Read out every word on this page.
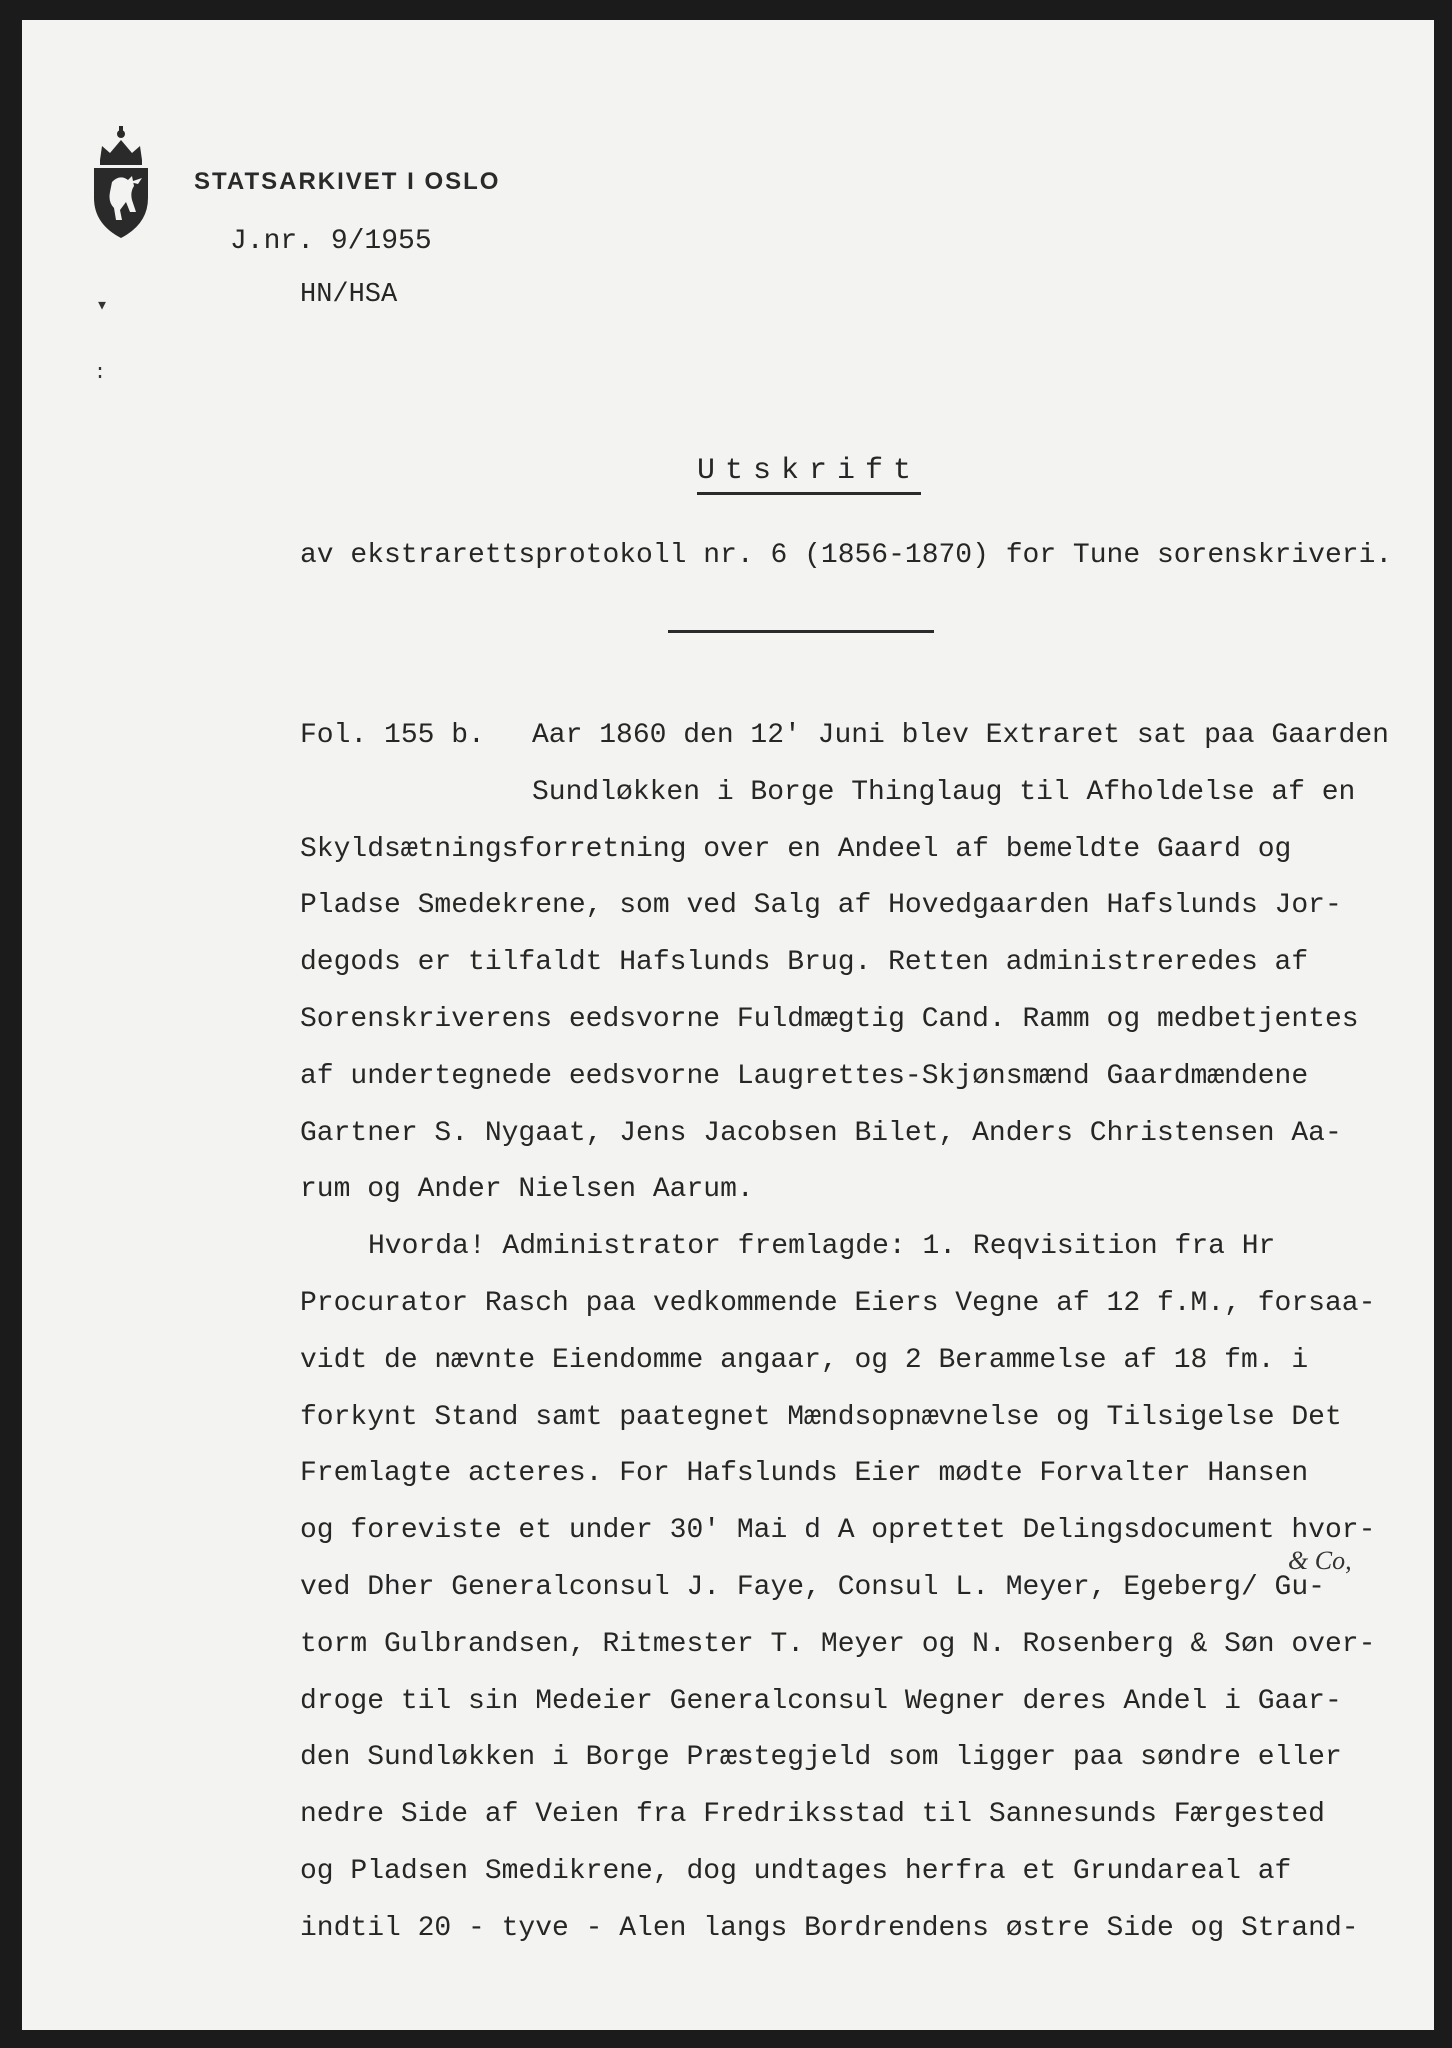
STATSARKIVET I OSLO
J.nr. 9/1955
HN/HSA
▾
:
Utskrift
av ekstrarettsprotokoll nr. 6 (1856-1870) for Tune sorenskriveri.
Fol. 155 b. Aar 1860 den 12' Juni blev Extraret sat paa Gaarden
Sundløkken i Borge Thinglaug til Afholdelse af en
Skyldsætningsforretning over en Andeel af bemeldte Gaard og
Pladse Smedekrene, som ved Salg af Hovedgaarden Hafslunds Jor-
degods er tilfaldt Hafslunds Brug. Retten administreredes af
Sorenskriverens eedsvorne Fuldmægtig Cand. Ramm og medbetjentes
af undertegnede eedsvorne Laugrettes-Skjønsmænd Gaardmændene
Gartner S. Nygaat, Jens Jacobsen Bilet, Anders Christensen Aa-
rum og Ander Nielsen Aarum.
Hvorda! Administrator fremlagde: 1. Reqvisition fra Hr
Procurator Rasch paa vedkommende Eiers Vegne af 12 f.M., forsaa-
vidt de nævnte Eiendomme angaar, og 2 Berammelse af 18 fm. i
forkynt Stand samt paategnet Mændsopnævnelse og Tilsigelse Det
Fremlagte acteres. For Hafslunds Eier mødte Forvalter Hansen
og foreviste et under 30' Mai d A oprettet Delingsdocument hvor-
ved Dher Generalconsul J. Faye, Consul L. Meyer, Egeberg/ Gu-
torm Gulbrandsen, Ritmester T. Meyer og N. Rosenberg & Søn over-
droge til sin Medeier Generalconsul Wegner deres Andel i Gaar-
den Sundløkken i Borge Præstegjeld som ligger paa søndre eller
nedre Side af Veien fra Fredriksstad til Sannesunds Færgested
og Pladsen Smedikrene, dog undtages herfra et Grundareal af
indtil 20 - tyve - Alen langs Bordrendens østre Side og Strand-
& Co,
